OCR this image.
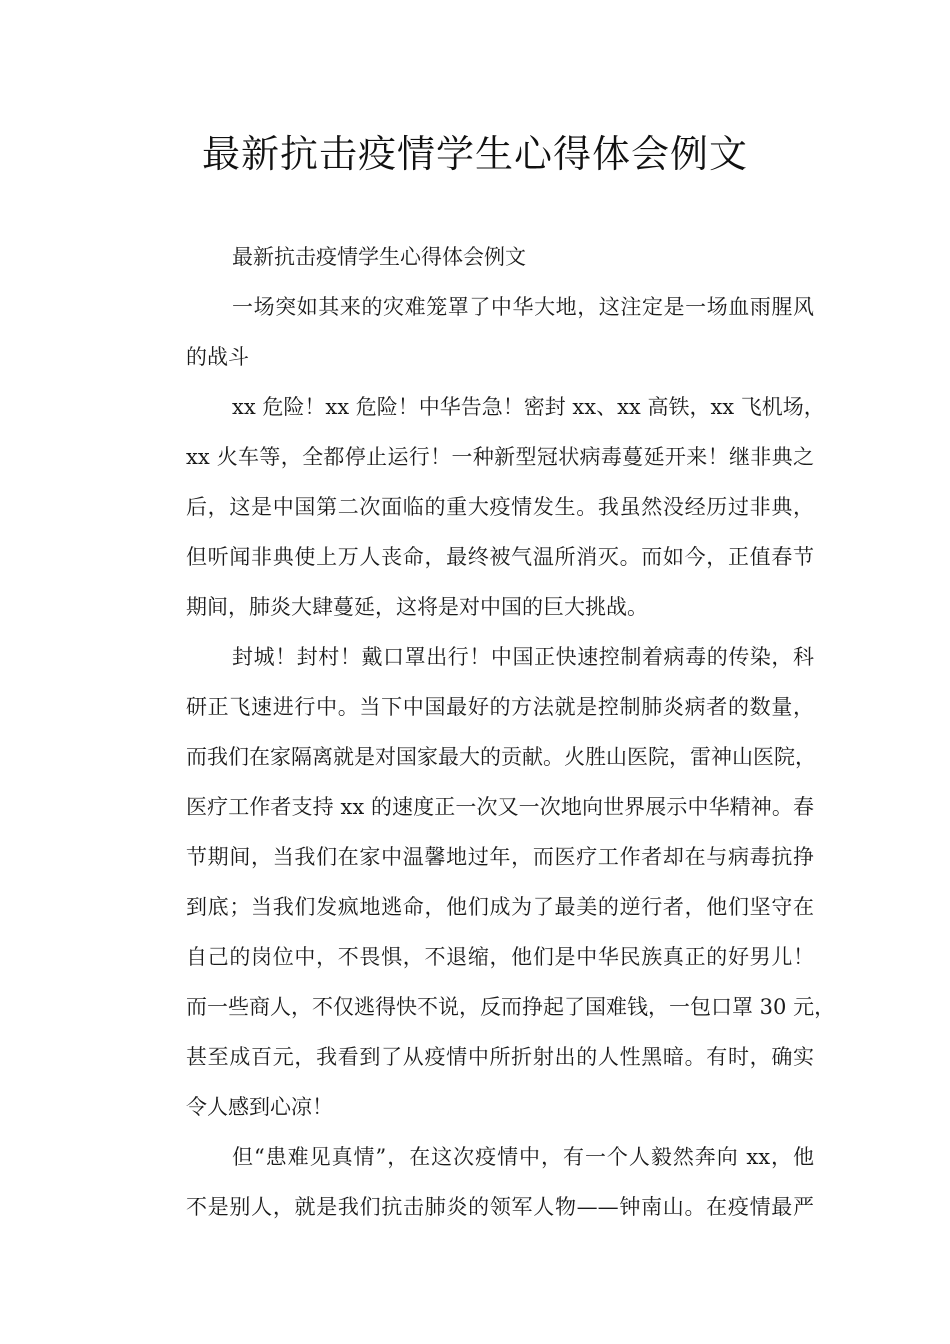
最新抗击疫情学生心得体会例文
最新抗击疫情学生心得体会例文
一场突如其来的灾难笼罩了中华大地，这注定是一场血雨腥风
的战斗
xx 危险！xx 危险！中华告急！密封 xx、xx 高铁，xx 飞机场，
xx 火车等，全都停止运行！一种新型冠状病毒蔓延开来！继非典之
后，这是中国第二次面临的重大疫情发生。我虽然没经历过非典，
但听闻非典使上万人丧命，最终被气温所消灭。而如今，正值春节
期间，肺炎大肆蔓延，这将是对中国的巨大挑战。
封城！封村！戴口罩出行！中国正快速控制着病毒的传染，科
研正飞速进行中。当下中国最好的方法就是控制肺炎病者的数量，
而我们在家隔离就是对国家最大的贡献。火胜山医院，雷神山医院，
医疗工作者支持 xx 的速度正一次又一次地向世界展示中华精神。春
节期间，当我们在家中温馨地过年，而医疗工作者却在与病毒抗挣
到底；当我们发疯地逃命，他们成为了最美的逆行者，他们坚守在
自己的岗位中，不畏惧，不退缩，他们是中华民族真正的好男儿！
而一些商人，不仅逃得快不说，反而挣起了国难钱，一包口罩 30 元，
甚至成百元，我看到了从疫情中所折射出的人性黑暗。有时，确实
令人感到心凉！
但“患难见真情”，在这次疫情中，有一个人毅然奔向 xx，他
不是别人，就是我们抗击肺炎的领军人物——钟南山。在疫情最严
